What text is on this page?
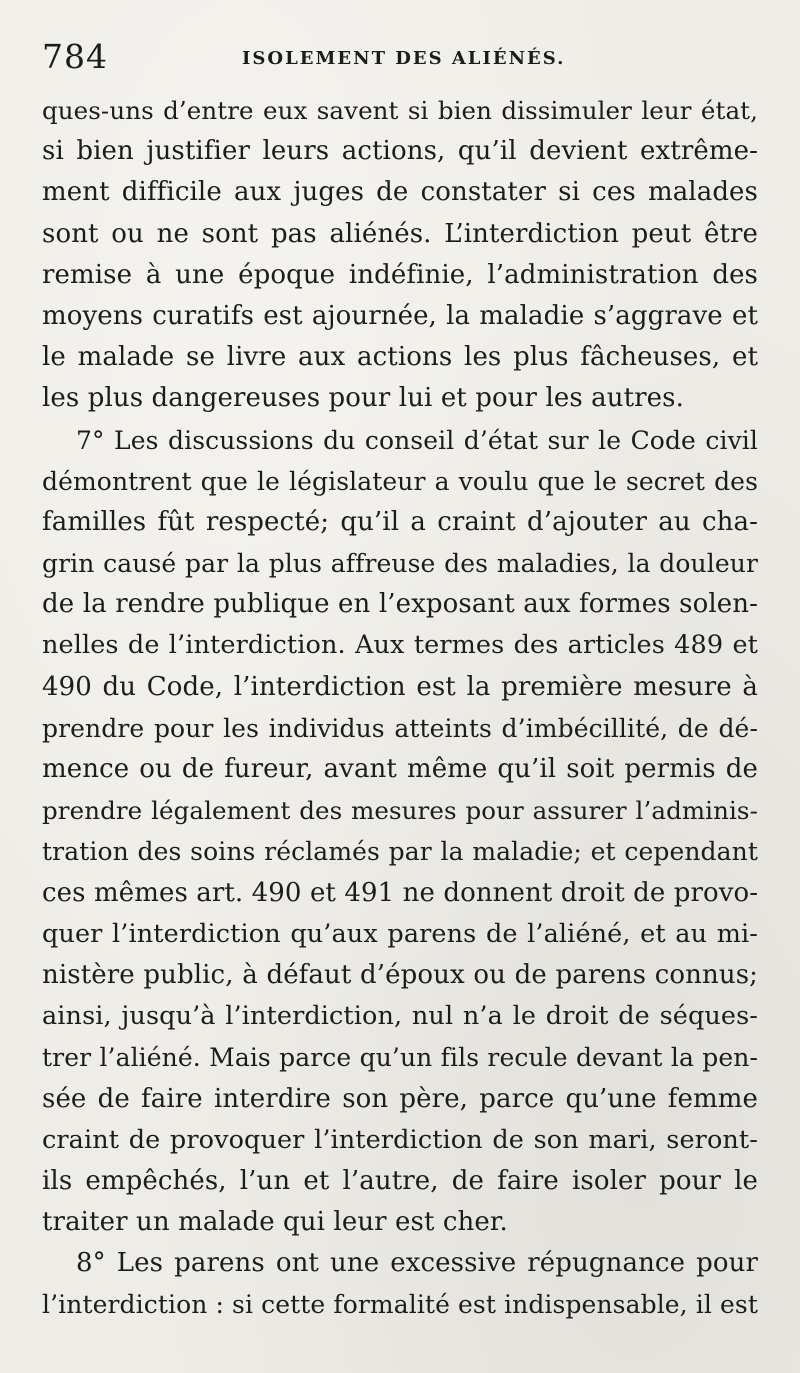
784	ISOLEMENT DES ALIÉNÉS.
ques-uns d’entre eux savent si bien dissimuler leur état,
si bien justifier leurs actions, qu’il devient extrême-
ment difficile aux juges de constater si ces malades
sont ou ne sont pas aliénés. L’interdiction peut être
remise à une époque indéfinie, l’administration des
moyens curatifs est ajournée, la maladie s’aggrave et
le malade se livre aux actions les plus fâcheuses, et
les plus dangereuses pour lui et pour les autres.
7° Les discussions du conseil d’état sur le Code civil
démontrent que le législateur a voulu que le secret des
familles fût respecté; qu’il a craint d’ajouter au cha-
grin causé par la plus affreuse des maladies, la douleur
de la rendre publique en l’exposant aux formes solen-
nelles de l’interdiction. Aux termes des articles 489 et
490 du Code, l’interdiction est la première mesure à
prendre pour les individus atteints d’imbécillité, de dé-
mence ou de fureur, avant même qu’il soit permis de
prendre légalement des mesures pour assurer l’adminis-
tration des soins réclamés par la maladie; et cependant
ces mêmes art. 490 et 491 ne donnent droit de provo-
quer l’interdiction qu’aux parens de l’aliéné, et au mi-
nistère public, à défaut d’époux ou de parens connus;
ainsi, jusqu’à l’interdiction, nul n’a le droit de séques-
trer l’aliéné. Mais parce qu’un fils recule devant la pen-
sée de faire interdire son père, parce qu’une femme
craint de provoquer l’interdiction de son mari, seront-
ils empêchés, l’un et l’autre, de faire isoler pour le
traiter un malade qui leur est cher.
8° Les parens ont une excessive répugnance pour
l’interdiction : si cette formalité est indispensable, il est
